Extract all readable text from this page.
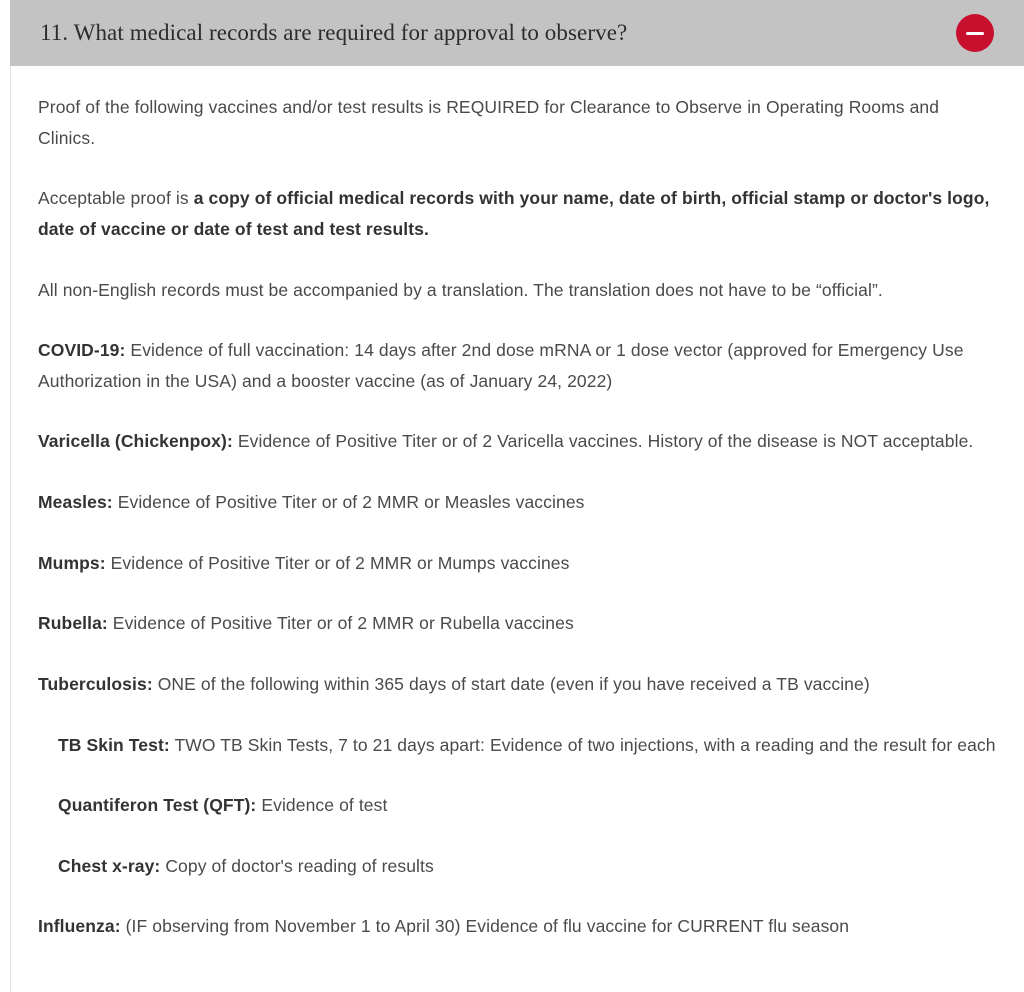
11. What medical records are required for approval to observe?

Proof of the following vaccines and/or test results is REQUIRED for Clearance to Observe in Operating Rooms and Clinics.

Acceptable proof is a copy of official medical records with your name, date of birth, official stamp or doctor's logo, date of vaccine or date of test and test results.

All non-English records must be accompanied by a translation. The translation does not have to be “official”.

COVID-19: Evidence of full vaccination: 14 days after 2nd dose mRNA or 1 dose vector (approved for Emergency Use Authorization in the USA) and a booster vaccine (as of January 24, 2022)

Varicella (Chickenpox): Evidence of Positive Titer or of 2 Varicella vaccines. History of the disease is NOT acceptable.

Measles: Evidence of Positive Titer or of 2 MMR or Measles vaccines

Mumps: Evidence of Positive Titer or of 2 MMR or Mumps vaccines

Rubella: Evidence of Positive Titer or of 2 MMR or Rubella vaccines

Tuberculosis: ONE of the following within 365 days of start date (even if you have received a TB vaccine)

TB Skin Test: TWO TB Skin Tests, 7 to 21 days apart: Evidence of two injections, with a reading and the result for each

Quantiferon Test (QFT): Evidence of test

Chest x-ray: Copy of doctor's reading of results

Influenza: (IF observing from November 1 to April 30) Evidence of flu vaccine for CURRENT flu season
